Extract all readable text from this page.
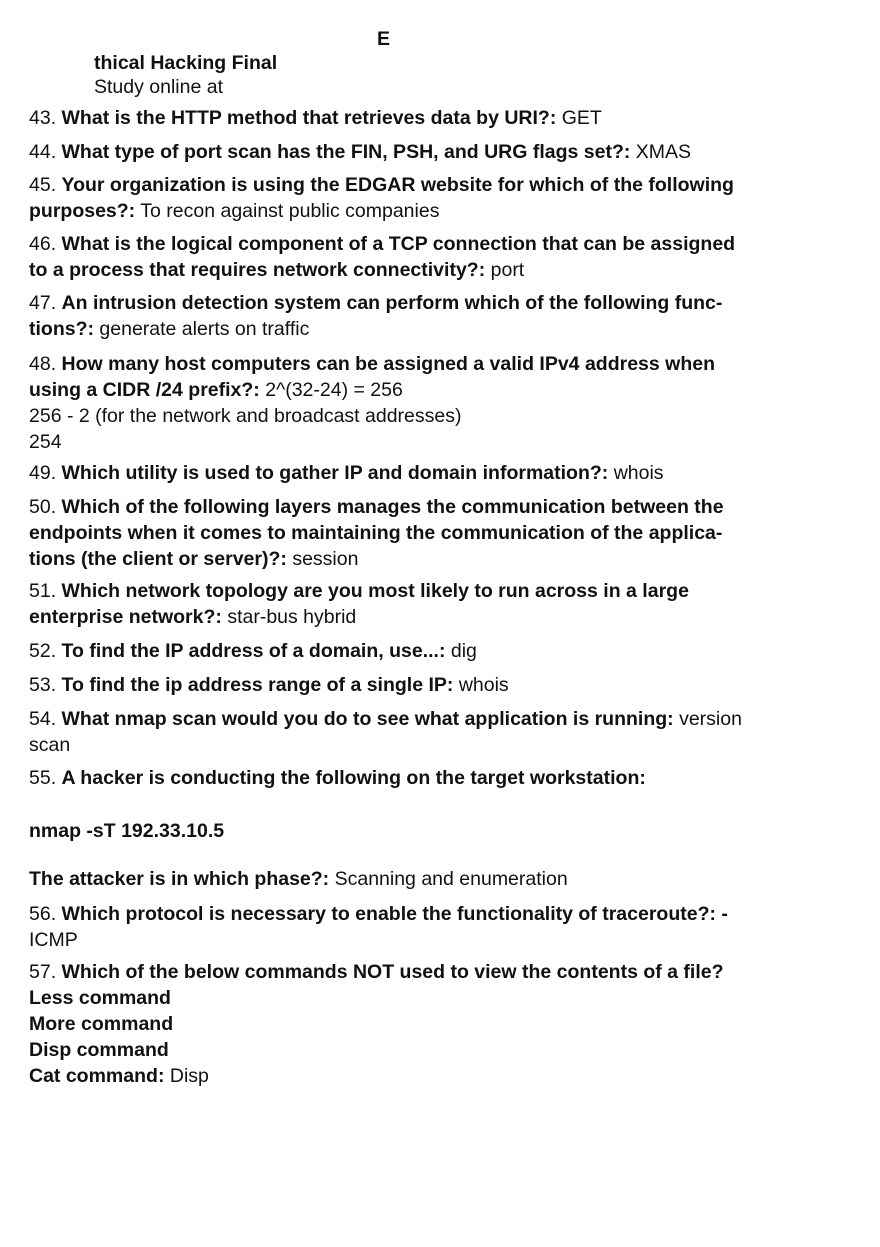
E
thical Hacking Final
Study online at
43. What is the HTTP method that retrieves data by URI?: GET
44. What type of port scan has the FIN, PSH, and URG flags set?: XMAS
45. Your organization is using the EDGAR website for which of the following
purposes?: To recon against public companies
46. What is the logical component of a TCP connection that can be assigned
to a process that requires network connectivity?: port
47. An intrusion detection system can perform which of the following func-
tions?: generate alerts on traffic
48. How many host computers can be assigned a valid IPv4 address when
using a CIDR /24 prefix?: 2^(32-24) = 256
256 - 2 (for the network and broadcast addresses)
254
49. Which utility is used to gather IP and domain information?: whois
50. Which of the following layers manages the communication between the
endpoints when it comes to maintaining the communication of the applica-
tions (the client or server)?: session
51. Which network topology are you most likely to run across in a large
enterprise network?: star-bus hybrid
52. To find the IP address of a domain, use...: dig
53. To find the ip address range of a single IP: whois
54. What nmap scan would you do to see what application is running: version
scan
55. A hacker is conducting the following on the target workstation:
nmap -sT 192.33.10.5
The attacker is in which phase?: Scanning and enumeration
56. Which protocol is necessary to enable the functionality of traceroute?: -
ICMP
57. Which of the below commands NOT used to view the contents of a file?
Less command
More command
Disp command
Cat command: Disp
